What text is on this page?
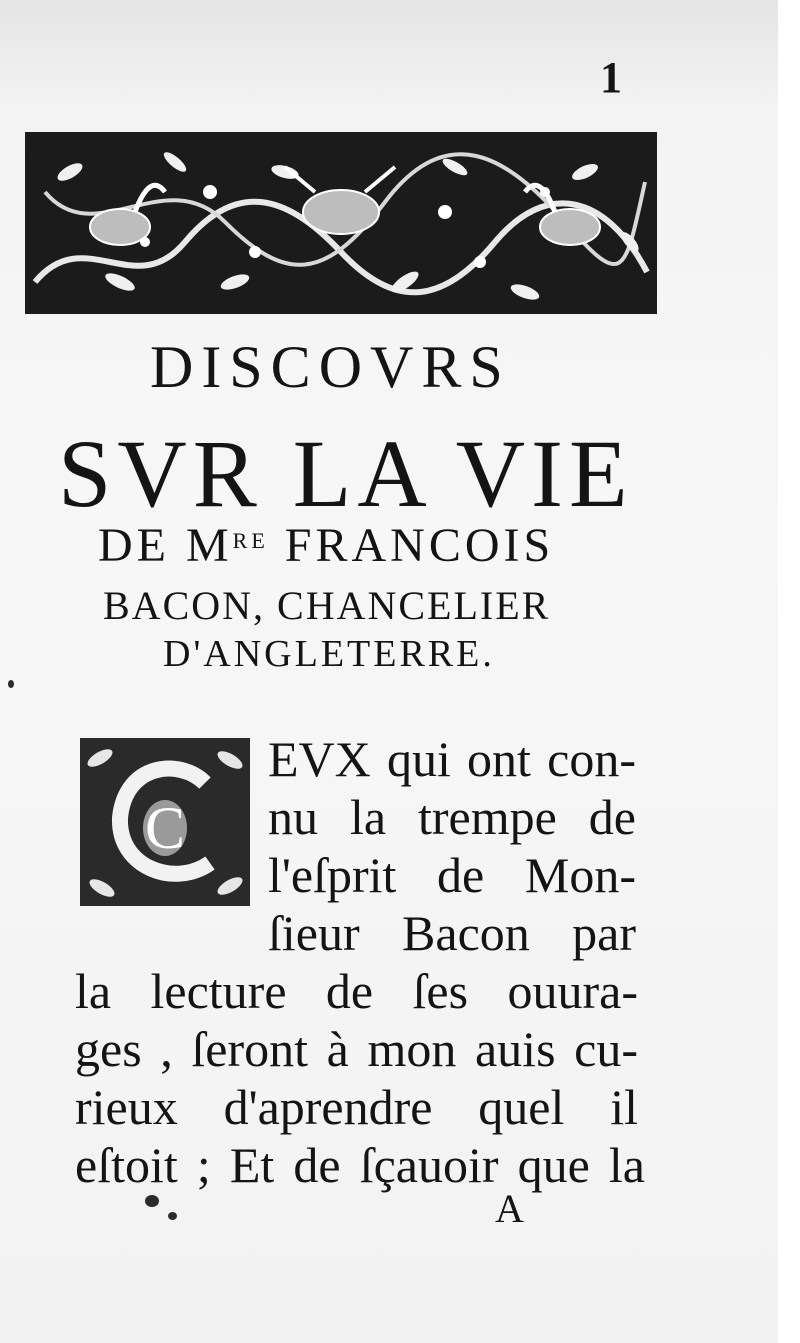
1
DISCOVRS
SVR LA VIE
DE MRE FRANCOIS
BACON, CHANCELIER
D'ANGLETERRE.
C
EVX qui ont con-
nu la trempe de
l'eſprit de Mon-
ſieur Bacon par
la lecture de ſes ouura-
ges , ſeront à mon auis cu-
rieux d'aprendre quel il
eſtoit ; Et de ſçauoir que la
A
